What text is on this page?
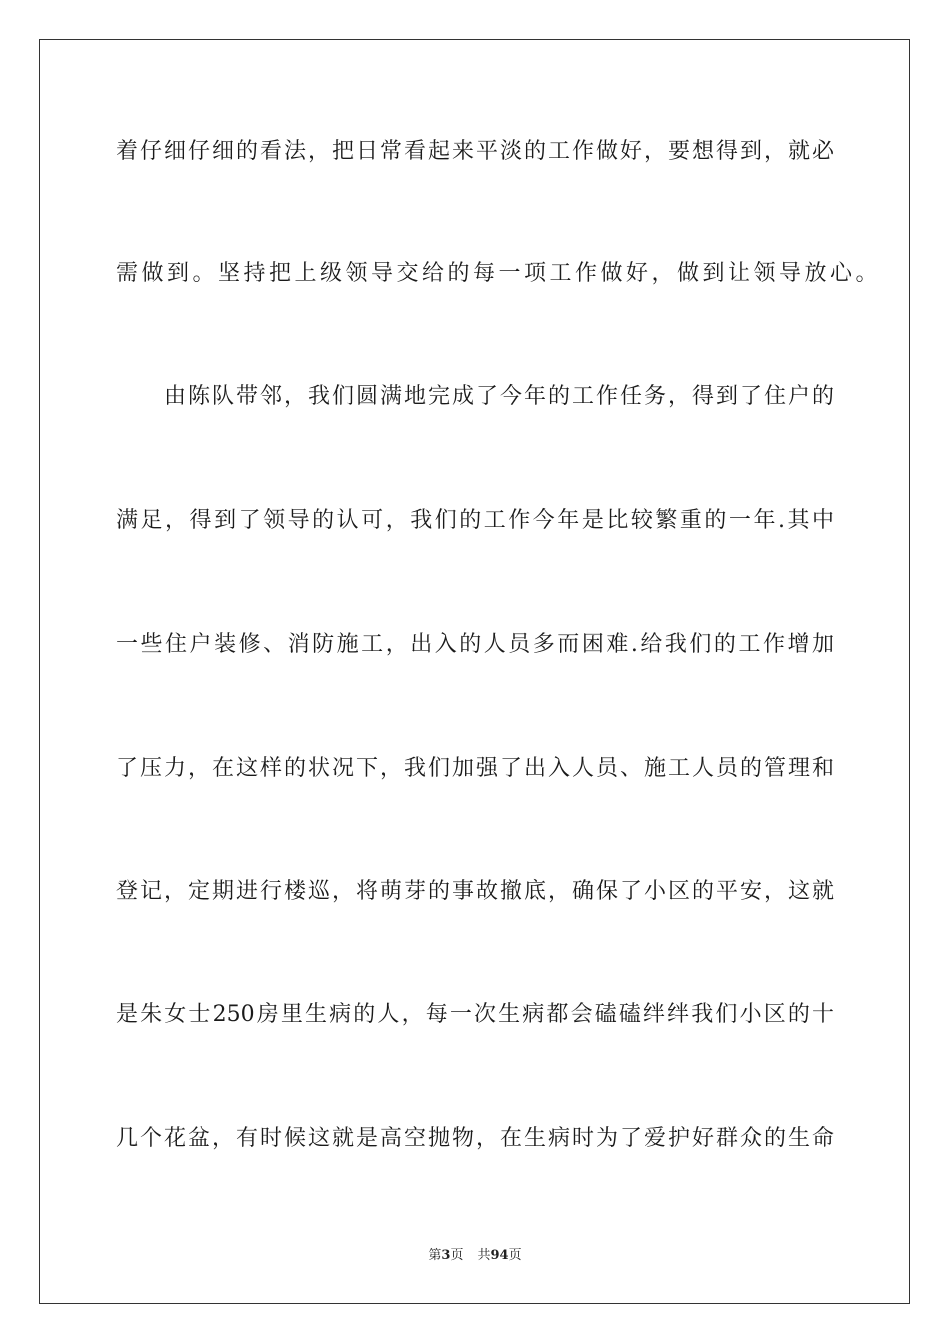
着仔细仔细的看法，把日常看起来平淡的工作做好，要想得到，就必
需做到。坚持把上级领导交给的每一项工作做好，做到让领导放心。
由陈队带邻，我们圆满地完成了今年的工作任务，得到了住户的
满足，得到了领导的认可，我们的工作今年是比较繁重的一年.其中
一些住户装修、消防施工，出入的人员多而困难.给我们的工作增加
了压力，在这样的状况下，我们加强了出入人员、施工人员的管理和
登记，定期进行楼巡，将萌芽的事故撤底，确保了小区的平安，这就
是朱女士250房里生病的人，每一次生病都会磕磕绊绊我们小区的十
几个花盆，有时候这就是高空抛物，在生病时为了爱护好群众的生命
第3页 共94页
